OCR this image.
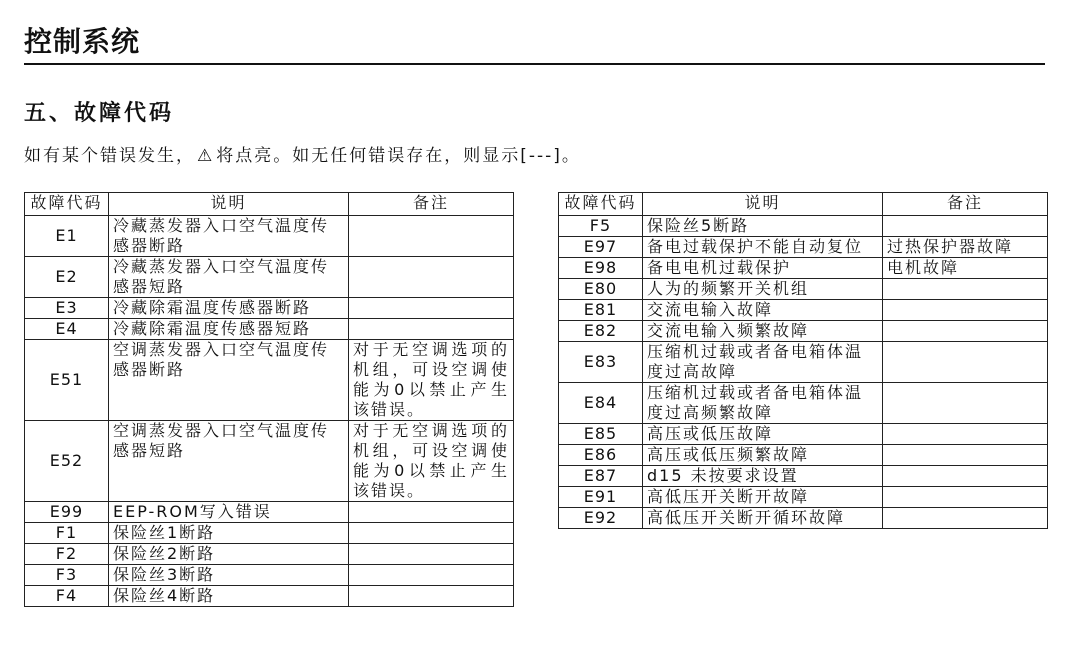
控制系统
五、故障代码

如有某个错误发生， ⚠ 将点亮。如无任何错误存在，则显示[---]。

故障代码	说明	备注
E1	冷藏蒸发器入口空气温度传感器断路	
E2	冷藏蒸发器入口空气温度传感器短路	
E3	冷藏除霜温度传感器断路	
E4	冷藏除霜温度传感器短路	
E51	空调蒸发器入口空气温度传感器断路	对于无空调选项的机组，可设空调使能为0以禁止产生该错误。
E52	空调蒸发器入口空气温度传感器短路	对于无空调选项的机组，可设空调使能为0以禁止产生该错误。
E99	EEP-ROM写入错误	
F1	保险丝1断路	
F2	保险丝2断路	
F3	保险丝3断路	
F4	保险丝4断路	
故障代码	说明	备注
F5	保险丝5断路	
E97	备电过载保护不能自动复位	过热保护器故障
E98	备电电机过载保护	电机故障
E80	人为的频繁开关机组	
E81	交流电输入故障	
E82	交流电输入频繁故障	
E83	压缩机过载或者备电箱体温度过高故障	
E84	压缩机过载或者备电箱体温度过高频繁故障	
E85	高压或低压故障	
E86	高压或低压频繁故障	
E87	d15 未按要求设置	
E91	高低压开关断开故障	
E92	高低压开关断开循环故障	
